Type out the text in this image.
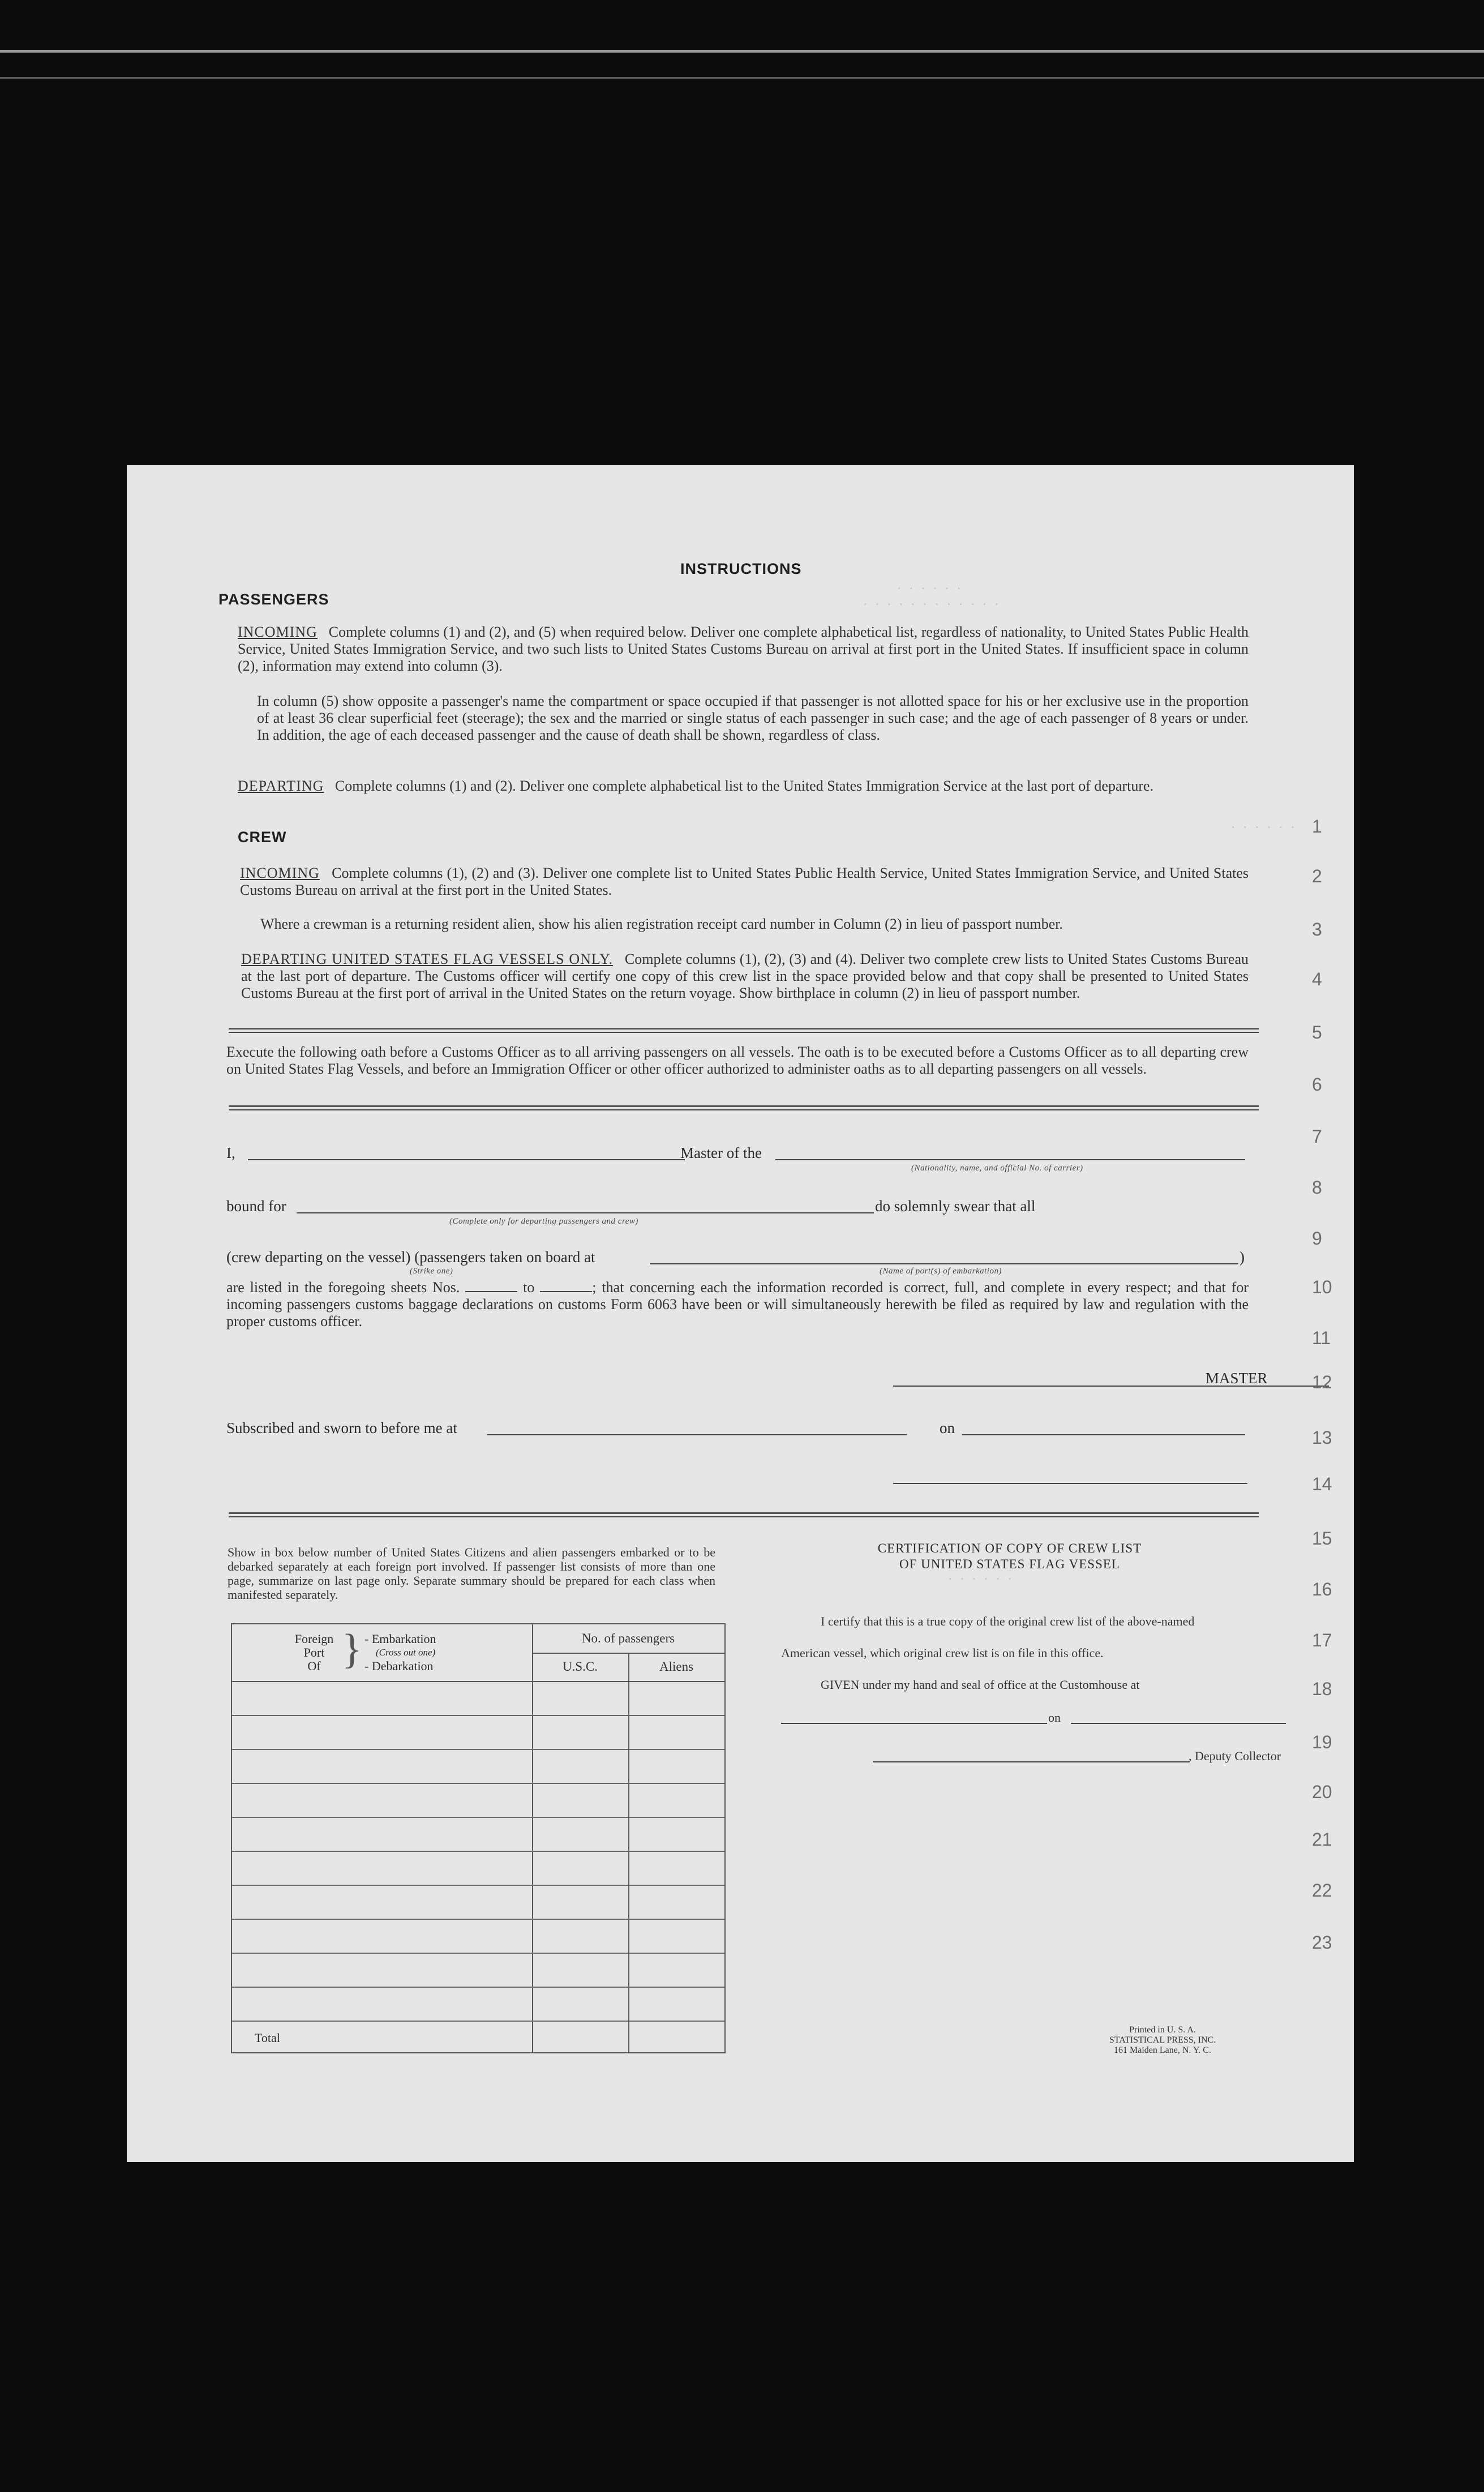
· · · · · ·
· · · · · · · · · · · ·
· · · · · ·
· · · · · ·
INSTRUCTIONS
PASSENGERS
INCOMING Complete columns (1) and (2), and (5) when required below. Deliver one complete alphabetical list, regardless of nationality, to United States Public Health Service, United States Immigration Service, and two such lists to United States Customs Bureau on arrival at first port in the United States. If insufficient space in column (2), information may extend into column (3).
In column (5) show opposite a passenger's name the compartment or space occupied if that passenger is not allotted space for his or her exclusive use in the proportion of at least 36 clear superficial feet (steerage); the sex and the married or single status of each passenger in such case; and the age of each passenger of 8 years or under. In addition, the age of each deceased passenger and the cause of death shall be shown, regardless of class.
DEPARTING Complete columns (1) and (2). Deliver one complete alphabetical list to the United States Immigration Service at the last port of departure.
CREW
INCOMING Complete columns (1), (2) and (3). Deliver one complete list to United States Public Health Service, United States Immigration Service, and United States Customs Bureau on arrival at the first port in the United States.
Where a crewman is a returning resident alien, show his alien registration receipt card number in Column (2) in lieu of passport number.
DEPARTING UNITED STATES FLAG VESSELS ONLY. Complete columns (1), (2), (3) and (4). Deliver two complete crew lists to United States Customs Bureau at the last port of departure. The Customs officer will certify one copy of this crew list in the space provided below and that copy shall be presented to United States Customs Bureau at the first port of arrival in the United States on the return voyage. Show birthplace in column (2) in lieu of passport number.
Execute the following oath before a Customs Officer as to all arriving passengers on all vessels. The oath is to be executed before a Customs Officer as to all departing crew on United States Flag Vessels, and before an Immigration Officer or other officer authorized to administer oaths as to all departing passengers on all vessels.
I,	Master of the
(Nationality, name, and official No. of carrier)
bound for
(Complete only for departing passengers and crew)
do solemnly swear that all
(crew departing on the vessel) (passengers taken on board at
(Strike one)
)
(Name of port(s) of embarkation)
are listed in the foregoing sheets Nos.	to	; that concerning each the information recorded is correct, full, and complete in every respect; and that for incoming passengers customs baggage declarations on customs Form 6063 have been or will simultaneously herewith be filed as required by law and regulation with the proper customs officer.
MASTER
Subscribed and sworn to before me at	on
Show in box below number of United States Citizens and alien passengers embarked or to be debarked separately at each foreign port involved. If passenger list consists of more than one page, summarize on last page only. Separate summary should be prepared for each class when manifested separately.
Foreign
Port
Of } - Embarkation
(Cross out one)
- Debarkation
No. of passengers
U.S.C.	Aliens
Total
CERTIFICATION OF COPY OF CREW LIST
OF UNITED STATES FLAG VESSEL
I certify that this is a true copy of the original crew list of the above-named
American vessel, which original crew list is on file in this office.
GIVEN under my hand and seal of office at the Customhouse at
on
, Deputy Collector
Printed in U. S. A.
STATISTICAL PRESS, INC.
161 Maiden Lane, N. Y. C.
1
2
3
4
5
6
7
8
9
10
11
12
13
14
15
16
17
18
19
20
21
22
23
